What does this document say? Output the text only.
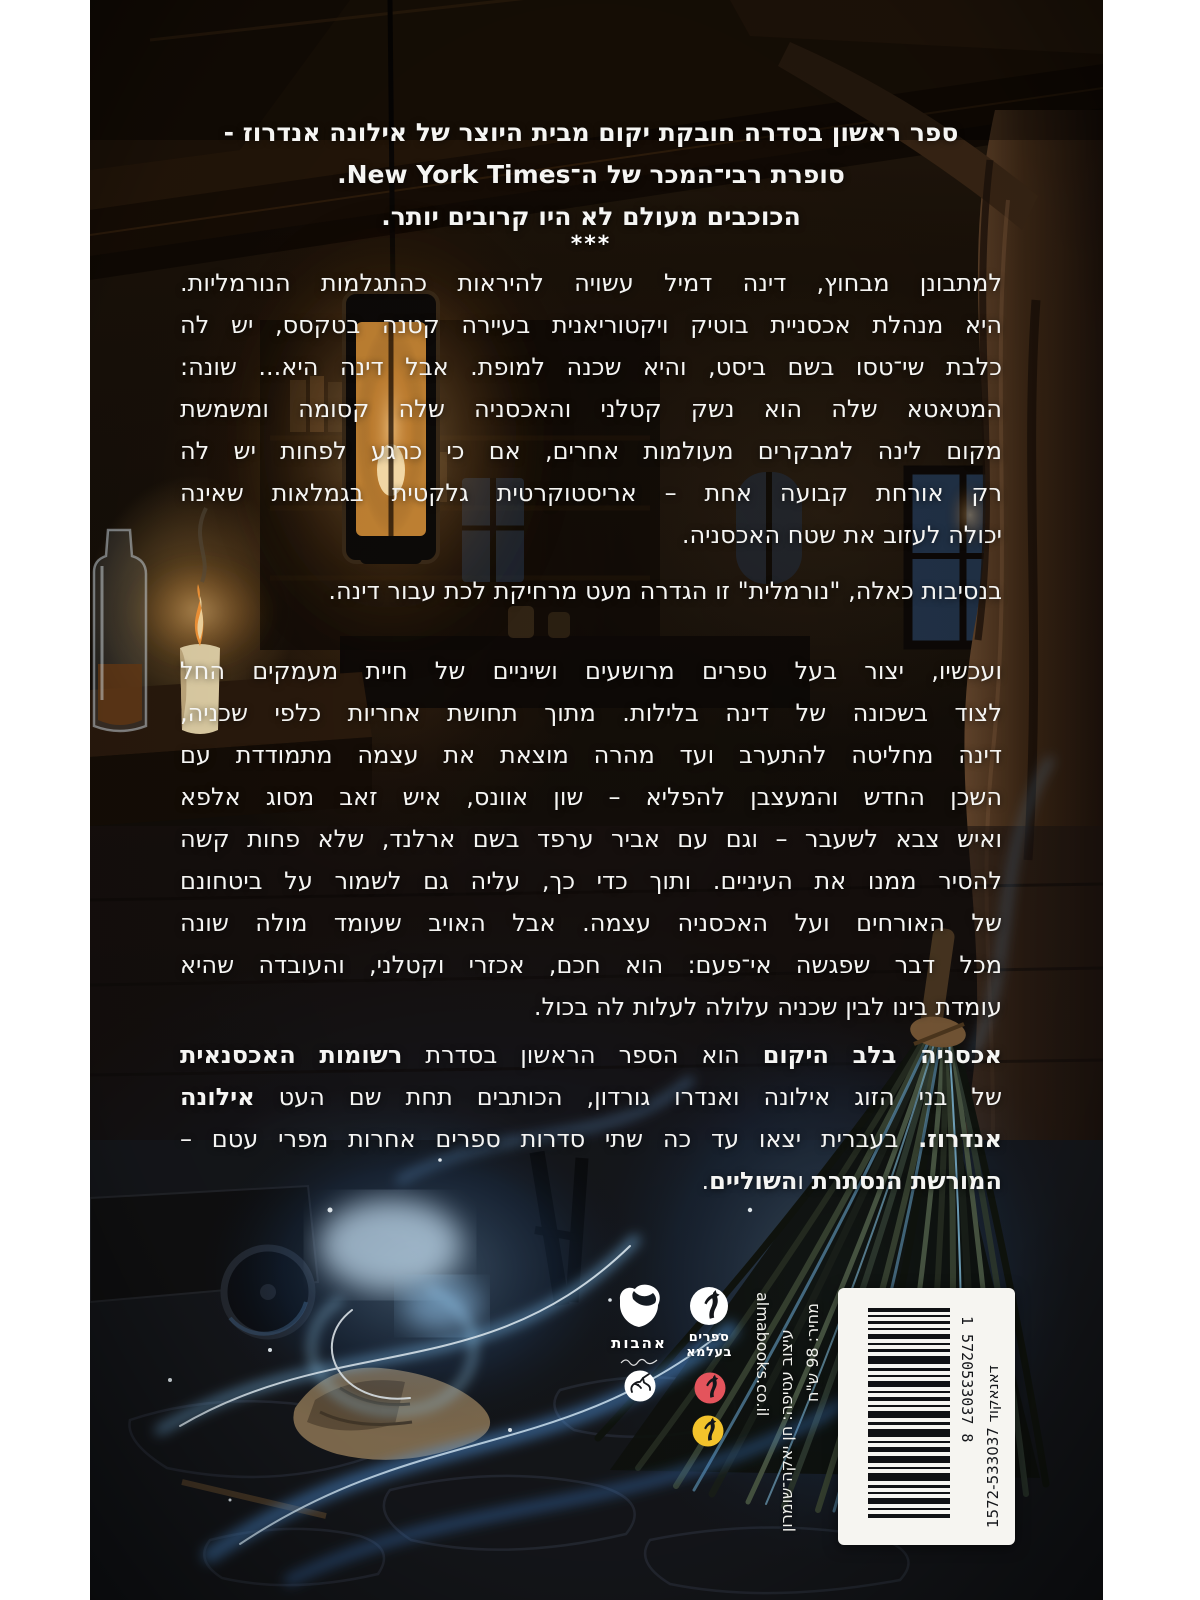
ספר ראשון בסדרה חובקת יקום מבית היוצר של אילונה אנדרוז -
סופרת רבי־המכר של ה־New York Times.
הכוכבים מעולם לא היו קרובים יותר.
***
למתבונן מבחוץ, דינה דמיל עשויה להיראות כהתגלמות הנורמליות.
היא מנהלת אכסניית בוטיק ויקטוריאנית בעיירה קטנה בטקסס, יש לה
כלבת שי־טסו בשם ביסט, והיא שכנה למופת. אבל דינה היא... שונה:
המטאטא שלה הוא נשק קטלני והאכסניה שלה קסומה ומשמשת
מקום לינה למבקרים מעולמות אחרים, אם כי כרגע לפחות יש לה
רק אורחת קבועה אחת – אריסטוקרטית גלקטית בגמלאות שאינה
יכולה לעזוב את שטח האכסניה.
בנסיבות כאלה, "נורמלית" זו הגדרה מעט מרחיקת לכת עבור דינה.
ועכשיו, יצור בעל טפרים מרושעים ושיניים של חיית מעמקים החל
לצוד בשכונה של דינה בלילות. מתוך תחושת אחריות כלפי שכניה,
דינה מחליטה להתערב ועד מהרה מוצאת את עצמה מתמודדת עם
השכן החדש והמעצבן להפליא – שון אוונס, איש זאב מסוג אלפא
ואיש צבא לשעבר – וגם עם אביר ערפד בשם ארלנד, שלא פחות קשה
להסיר ממנו את העיניים. ותוך כדי כך, עליה גם לשמור על ביטחונם
של האורחים ועל האכסניה עצמה. אבל האויב שעומד מולה שונה
מכל דבר שפגשה אי־פעם: הוא חכם, אכזרי וקטלני, והעובדה שהיא
עומדת בינו לבין שכניה עלולה לעלות לה בכול.
אכסניה בלב היקום הוא הספר הראשון בסדרת רשומות האכסנאית
של בני הזוג אילונה ואנדרו גורדון, הכותבים תחת שם העט אילונה
אנדרוז. בעברית יצאו עד כה שתי סדרות ספרים אחרות מפרי עטם –
המורשת הנסתרת והשוליים.
אהבות	ספרים
בעלמא	almabooks.co.il עיצוב עטיפה: חן יאקה־שומרון מחיר: 98 ש"ח	1 5720533037 8
דאנאקוד 1572-533037
